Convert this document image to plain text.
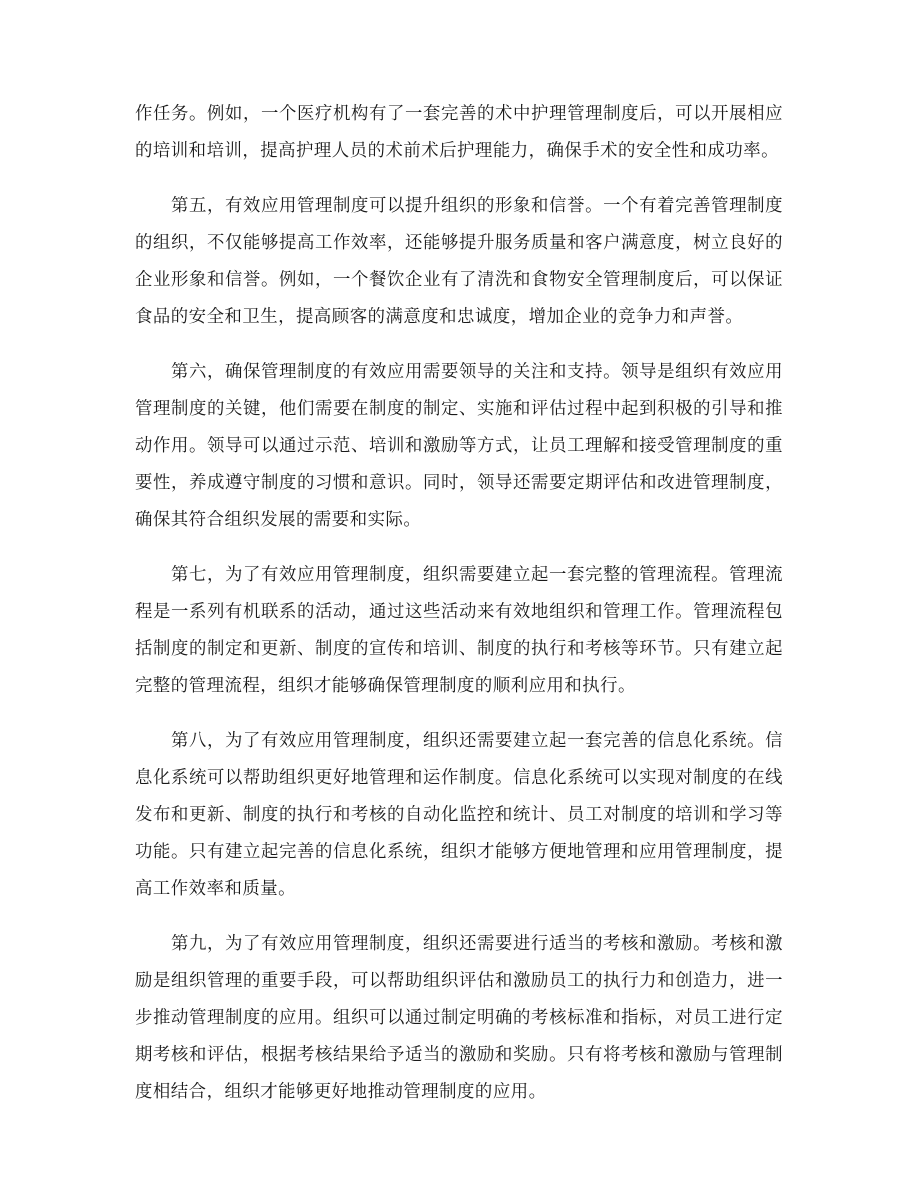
作任务。例如，一个医疗机构有了一套完善的术中护理管理制度后，可以开展相应的培训和培训，提高护理人员的术前术后护理能力，确保手术的安全性和成功率。

第五，有效应用管理制度可以提升组织的形象和信誉。一个有着完善管理制度的组织，不仅能够提高工作效率，还能够提升服务质量和客户满意度，树立良好的企业形象和信誉。例如，一个餐饮企业有了清洗和食物安全管理制度后，可以保证食品的安全和卫生，提高顾客的满意度和忠诚度，增加企业的竞争力和声誉。

第六，确保管理制度的有效应用需要领导的关注和支持。领导是组织有效应用管理制度的关键，他们需要在制度的制定、实施和评估过程中起到积极的引导和推动作用。领导可以通过示范、培训和激励等方式，让员工理解和接受管理制度的重要性，养成遵守制度的习惯和意识。同时，领导还需要定期评估和改进管理制度，确保其符合组织发展的需要和实际。

第七，为了有效应用管理制度，组织需要建立起一套完整的管理流程。管理流程是一系列有机联系的活动，通过这些活动来有效地组织和管理工作。管理流程包括制度的制定和更新、制度的宣传和培训、制度的执行和考核等环节。只有建立起完整的管理流程，组织才能够确保管理制度的顺利应用和执行。

第八，为了有效应用管理制度，组织还需要建立起一套完善的信息化系统。信息化系统可以帮助组织更好地管理和运作制度。信息化系统可以实现对制度的在线发布和更新、制度的执行和考核的自动化监控和统计、员工对制度的培训和学习等功能。只有建立起完善的信息化系统，组织才能够方便地管理和应用管理制度，提高工作效率和质量。

第九，为了有效应用管理制度，组织还需要进行适当的考核和激励。考核和激励是组织管理的重要手段，可以帮助组织评估和激励员工的执行力和创造力，进一步推动管理制度的应用。组织可以通过制定明确的考核标准和指标，对员工进行定期考核和评估，根据考核结果给予适当的激励和奖励。只有将考核和激励与管理制度相结合，组织才能够更好地推动管理制度的应用。
